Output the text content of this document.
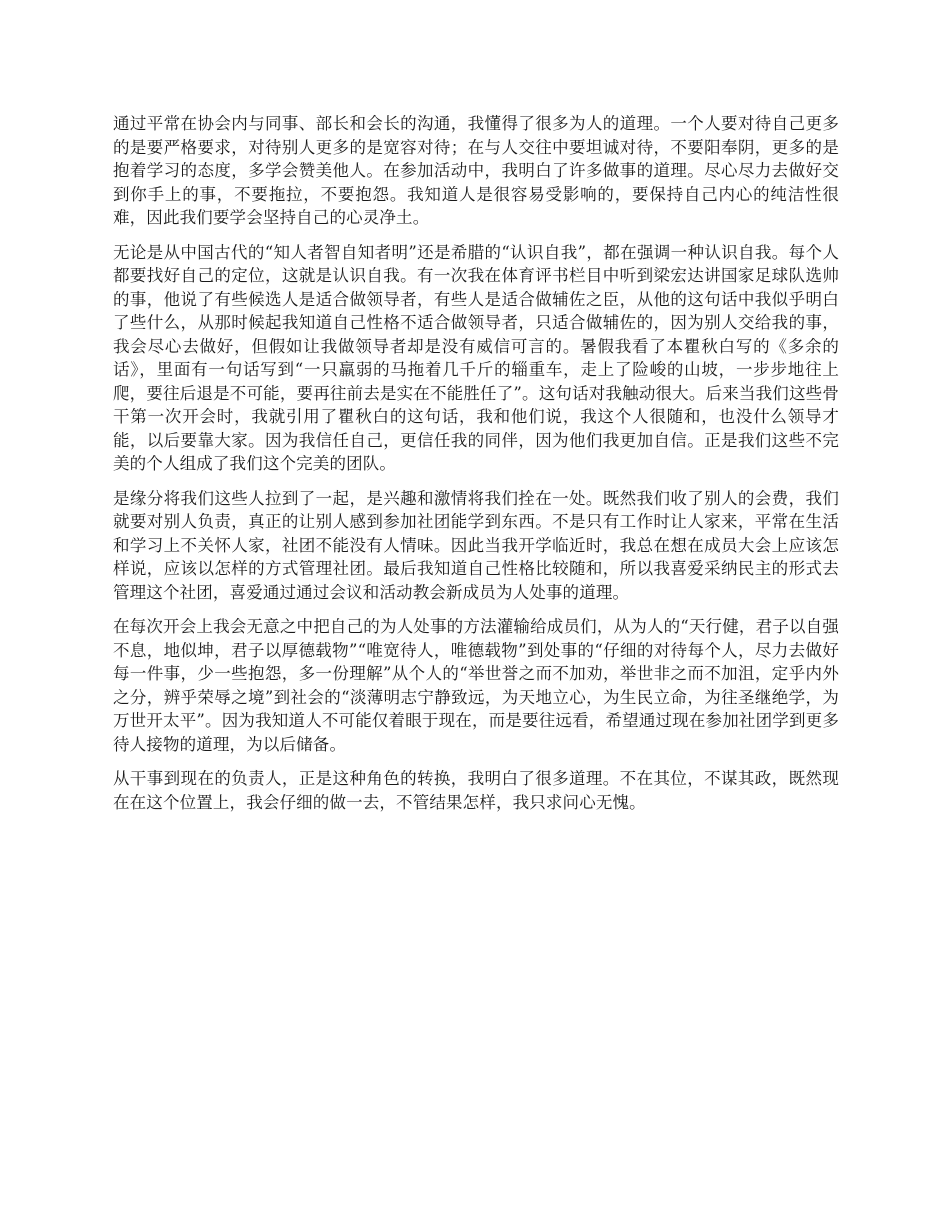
通过平常在协会内与同事、部长和会长的沟通，我懂得了很多为人的道理。一个人要对待自己更多的是要严格要求，对待别人更多的是宽容对待；在与人交往中要坦诚对待，不要阳奉阴，更多的是抱着学习的态度，多学会赞美他人。在参加活动中，我明白了许多做事的道理。尽心尽力去做好交到你手上的事，不要拖拉，不要抱怨。我知道人是很容易受影响的，要保持自己内心的纯洁性很难，因此我们要学会坚持自己的心灵净土。

无论是从中国古代的“知人者智自知者明”还是希腊的“认识自我”，都在强调一种认识自我。每个人都要找好自己的定位，这就是认识自我。有一次我在体育评书栏目中听到梁宏达讲国家足球队选帅的事，他说了有些候选人是适合做领导者，有些人是适合做辅佐之臣，从他的这句话中我似乎明白了些什么，从那时候起我知道自己性格不适合做领导者，只适合做辅佐的，因为别人交给我的事，我会尽心去做好，但假如让我做领导者却是没有威信可言的。暑假我看了本瞿秋白写的《多余的话》，里面有一句话写到“一只羸弱的马拖着几千斤的辎重车，走上了险峻的山坡，一步步地往上爬，要往后退是不可能，要再往前去是实在不能胜任了”。这句话对我触动很大。后来当我们这些骨干第一次开会时，我就引用了瞿秋白的这句话，我和他们说，我这个人很随和，也没什么领导才能，以后要靠大家。因为我信任自己，更信任我的同伴，因为他们我更加自信。正是我们这些不完美的个人组成了我们这个完美的团队。

是缘分将我们这些人拉到了一起，是兴趣和激情将我们拴在一处。既然我们收了别人的会费，我们就要对别人负责，真正的让别人感到参加社团能学到东西。不是只有工作时让人家来，平常在生活和学习上不关怀人家，社团不能没有人情味。因此当我开学临近时，我总在想在成员大会上应该怎样说，应该以怎样的方式管理社团。最后我知道自己性格比较随和，所以我喜爱采纳民主的形式去管理这个社团，喜爱通过通过会议和活动教会新成员为人处事的道理。

在每次开会上我会无意之中把自己的为人处事的方法灌输给成员们，从为人的“天行健，君子以自强不息，地似坤，君子以厚德载物”“唯宽待人，唯德载物”到处事的“仔细的对待每个人，尽力去做好每一件事，少一些抱怨，多一份理解”从个人的“举世誉之而不加劝，举世非之而不加沮，定乎内外之分，辨乎荣辱之境”到社会的“淡薄明志宁静致远，为天地立心，为生民立命，为往圣继绝学，为万世开太平”。因为我知道人不可能仅着眼于现在，而是要往远看，希望通过现在参加社团学到更多待人接物的道理，为以后储备。

从干事到现在的负责人，正是这种角色的转换，我明白了很多道理。不在其位，不谋其政，既然现在在这个位置上，我会仔细的做一去，不管结果怎样，我只求问心无愧。
